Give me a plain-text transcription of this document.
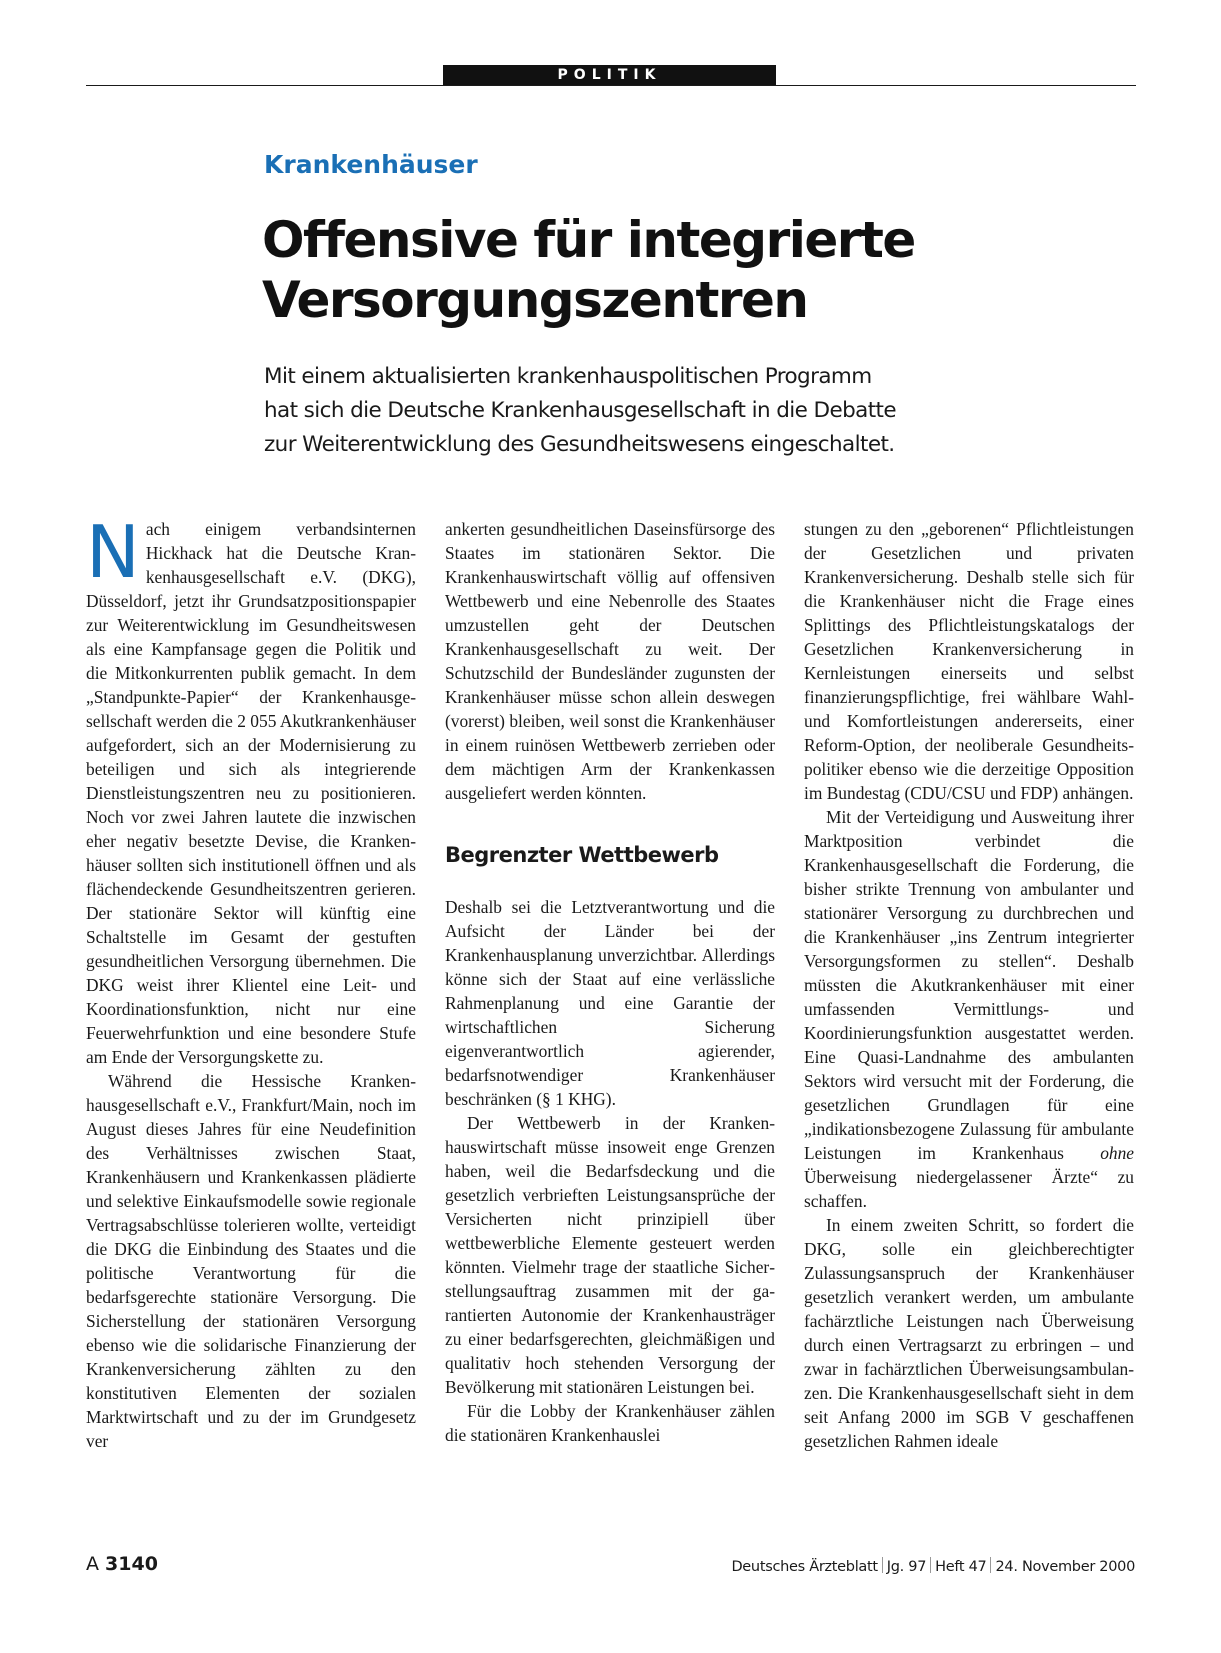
POLITIK
Krankenhäuser
Offensive für integrierte
Versorgungszentren
Mit einem aktualisierten krankenhauspolitischen Programm
hat sich die Deutsche Krankenhausgesellschaft in die Debatte
zur Weiterentwicklung des Gesundheitswesens eingeschaltet.

Nach einigem verbandsinternen Hickhack hat die Deutsche Krankenhausgesellschaft e.V. (DKG), Düsseldorf, jetzt ihr Grundsatzpositionspapier zur Weiterentwicklung im Gesundheitswesen als eine Kampfansage gegen die Politik und die Mitkonkurrenten publik gemacht. In dem „Standpunkte-Papier“ der Krankenhausgesellschaft werden die 2 055 Akutkrankenhäuser aufgefordert, sich an der Modernisierung zu beteiligen und sich als integrierende Dienstleistungszentren neu zu positionieren. Noch vor zwei Jahren lautete die inzwischen eher negativ besetzte Devise, die Krankenhäuser sollten sich institutionell öffnen und als flächendeckende Gesundheitszentren gerieren. Der stationäre Sektor will künftig eine Schaltstelle im Gesamt der gestuften gesundheitlichen Versorgung übernehmen. Die DKG weist ihrer Klientel eine Leit- und Koordinationsfunktion, nicht nur eine Feuerwehrfunktion und eine besondere Stufe am Ende der Versorgungskette zu.

Während die Hessische Krankenhausgesellschaft e.V., Frankfurt/Main, noch im August dieses Jahres für eine Neudefinition des Verhältnisses zwischen Staat, Krankenhäusern und Krankenkassen plädierte und selektive Einkaufsmodelle sowie regionale Vertragsabschlüsse tolerieren wollte, verteidigt die DKG die Einbindung des Staates und die politische Verantwortung für die bedarfsgerechte stationäre Versorgung. Die Sicherstellung der stationären Versorgung ebenso wie die solidarische Finanzierung der Krankenversicherung zählten zu den konstitutiven Elementen der sozialen Marktwirtschaft und zu der im Grundgesetz ver

ankerten gesundheitlichen Daseinsfürsorge des Staates im stationären Sektor. Die Krankenhauswirtschaft völlig auf offensiven Wettbewerb und eine Nebenrolle des Staates umzustellen geht der Deutschen Krankenhausgesellschaft zu weit. Der Schutzschild der Bundesländer zugunsten der Krankenhäuser müsse schon allein deswegen (vorerst) bleiben, weil sonst die Krankenhäuser in einem ruinösen Wettbewerb zerrieben oder dem mächtigen Arm der Krankenkassen ausgeliefert werden könnten.

Begrenzter Wettbewerb

Deshalb sei die Letztverantwortung und die Aufsicht der Länder bei der Krankenhausplanung unverzichtbar. Allerdings könne sich der Staat auf eine verlässliche Rahmenplanung und eine Garantie der wirtschaftlichen Sicherung eigenverantwortlich agierender, bedarfsnotwendiger Krankenhäuser beschränken (§ 1 KHG).

Der Wettbewerb in der Krankenhauswirtschaft müsse insoweit enge Grenzen haben, weil die Bedarfsdeckung und die gesetzlich verbrieften Leistungsansprüche der Versicherten nicht prinzipiell über wettbewerbliche Elemente gesteuert werden könnten. Vielmehr trage der staatliche Sicherstellungsauftrag zusammen mit der garantierten Autonomie der Krankenhausträger zu einer bedarfsgerechten, gleichmäßigen und qualitativ hoch stehenden Versorgung der Bevölkerung mit stationären Leistungen bei.

Für die Lobby der Krankenhäuser zählen die stationären Krankenhauslei

stungen zu den „geborenen“ Pflichtleistungen der Gesetzlichen und privaten Krankenversicherung. Deshalb stelle sich für die Krankenhäuser nicht die Frage eines Splittings des Pflichtleistungskatalogs der Gesetzlichen Krankenversicherung in Kernleistungen einerseits und selbst finanzierungspflichtige, frei wählbare Wahl- und Komfortleistungen andererseits, einer Reform-Option, der neoliberale Gesundheitspolitiker ebenso wie die derzeitige Opposition im Bundestag (CDU/CSU und FDP) anhängen.

Mit der Verteidigung und Ausweitung ihrer Marktposition verbindet die Krankenhausgesellschaft die Forderung, die bisher strikte Trennung von ambulanter und stationärer Versorgung zu durchbrechen und die Krankenhäuser „ins Zentrum integrierter Versorgungsformen zu stellen“. Deshalb müssten die Akutkrankenhäuser mit einer umfassenden Vermittlungs- und Koordinierungsfunktion ausgestattet werden. Eine Quasi-Landnahme des ambulanten Sektors wird versucht mit der Forderung, die gesetzlichen Grundlagen für eine „indikationsbezogene Zulassung für ambulante Leistungen im Krankenhaus ohne Überweisung niedergelassener Ärzte“ zu schaffen.

In einem zweiten Schritt, so fordert die DKG, solle ein gleichberechtigter Zulassungsanspruch der Krankenhäuser gesetzlich verankert werden, um ambulante fachärztliche Leistungen nach Überweisung durch einen Vertragsarzt zu erbringen – und zwar in fachärztlichen Überweisungsambulanzen. Die Krankenhausgesellschaft sieht in dem seit Anfang 2000 im SGB V geschaffenen gesetzlichen Rahmen ideale

A 3140	Deutsches Ärzteblatt Jg. 97 Heft 47 24. November 2000
